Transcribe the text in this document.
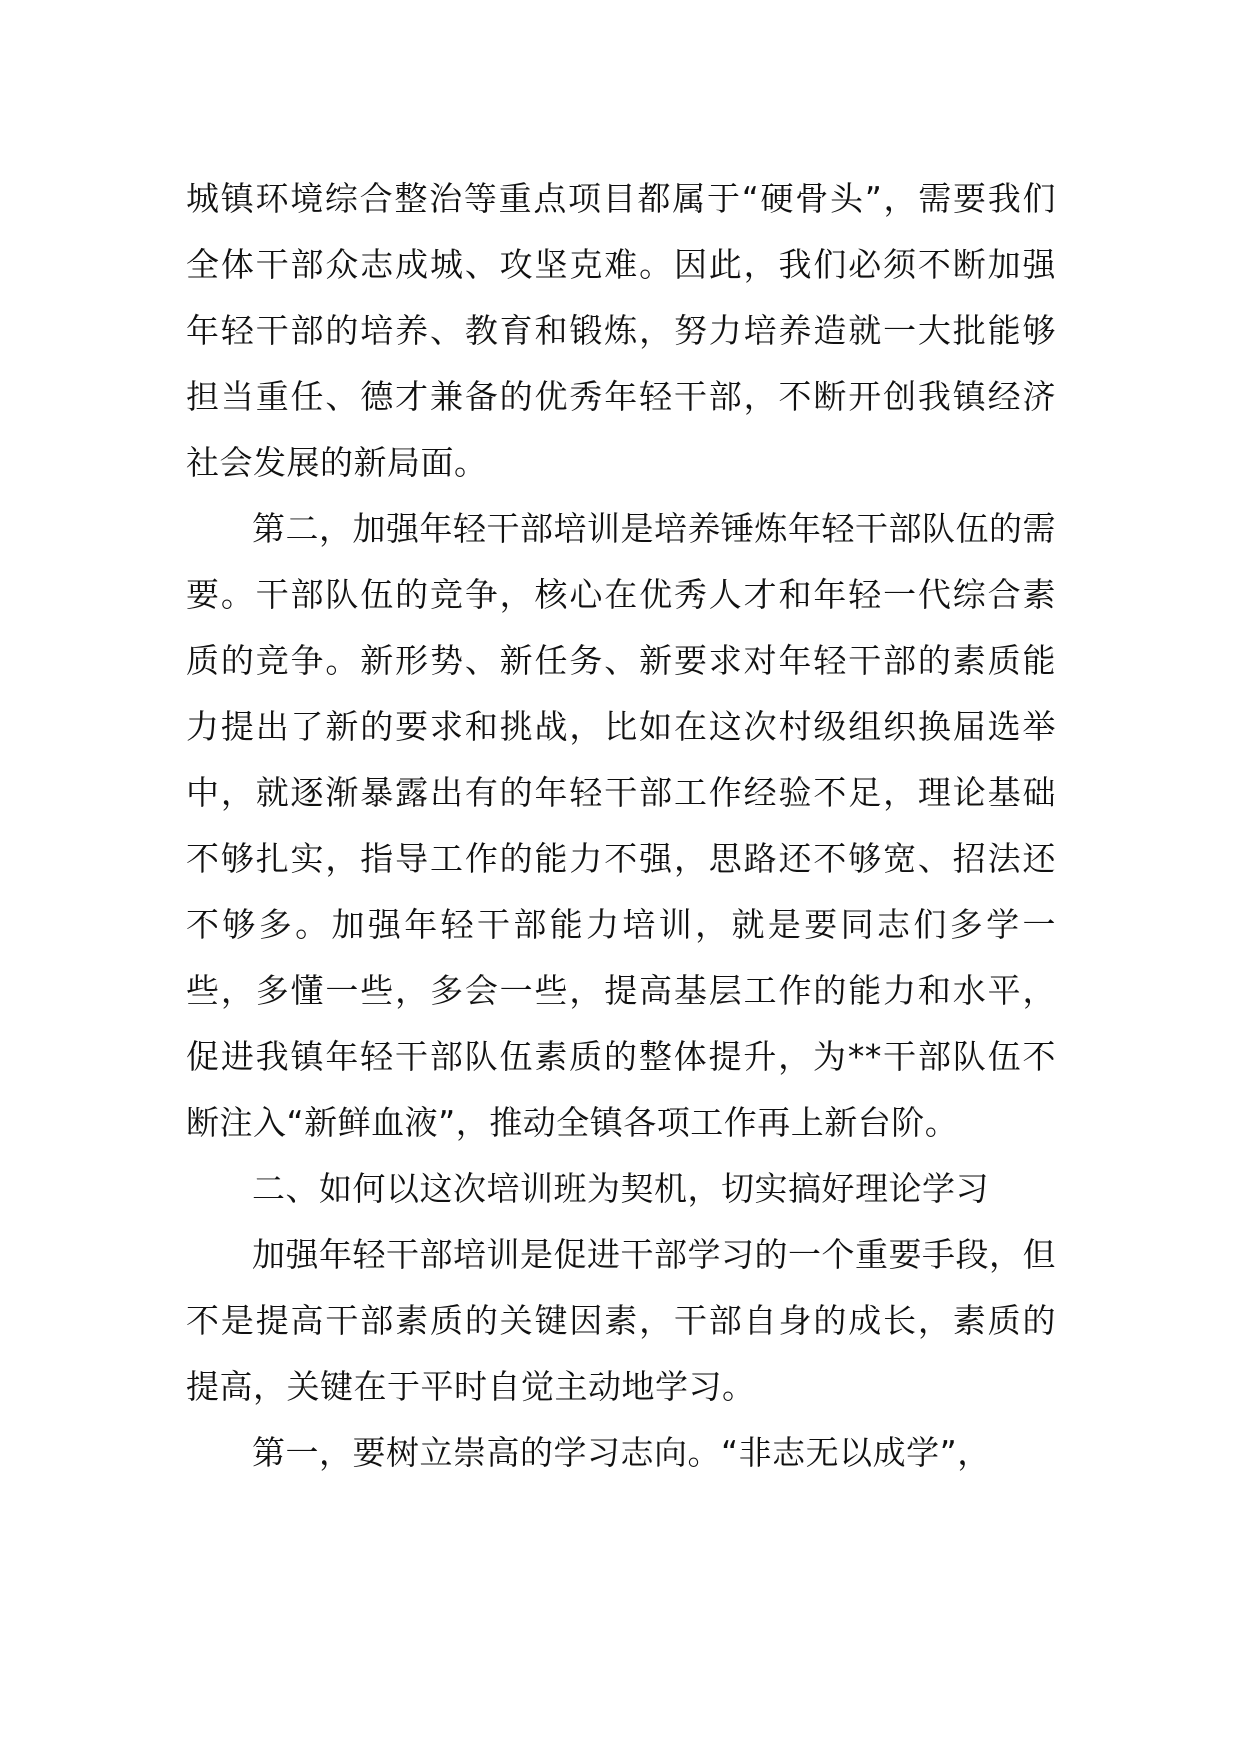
城镇环境综合整治等重点项目都属于“硬骨头”，需要我们全体干部众志成城、攻坚克难。因此，我们必须不断加强年轻干部的培养、教育和锻炼，努力培养造就一大批能够担当重任、德才兼备的优秀年轻干部，不断开创我镇经济社会发展的新局面。

第二，加强年轻干部培训是培养锤炼年轻干部队伍的需要。干部队伍的竞争，核心在优秀人才和年轻一代综合素质的竞争。新形势、新任务、新要求对年轻干部的素质能力提出了新的要求和挑战，比如在这次村级组织换届选举中，就逐渐暴露出有的年轻干部工作经验不足，理论基础不够扎实，指导工作的能力不强，思路还不够宽、招法还不够多。加强年轻干部能力培训，就是要同志们多学一些，多懂一些，多会一些，提高基层工作的能力和水平，促进我镇年轻干部队伍素质的整体提升，为**干部队伍不断注入“新鲜血液”，推动全镇各项工作再上新台阶。

二、如何以这次培训班为契机，切实搞好理论学习

加强年轻干部培训是促进干部学习的一个重要手段，但不是提高干部素质的关键因素，干部自身的成长，素质的提高，关键在于平时自觉主动地学习。

第一，要树立崇高的学习志向。“非志无以成学”，
